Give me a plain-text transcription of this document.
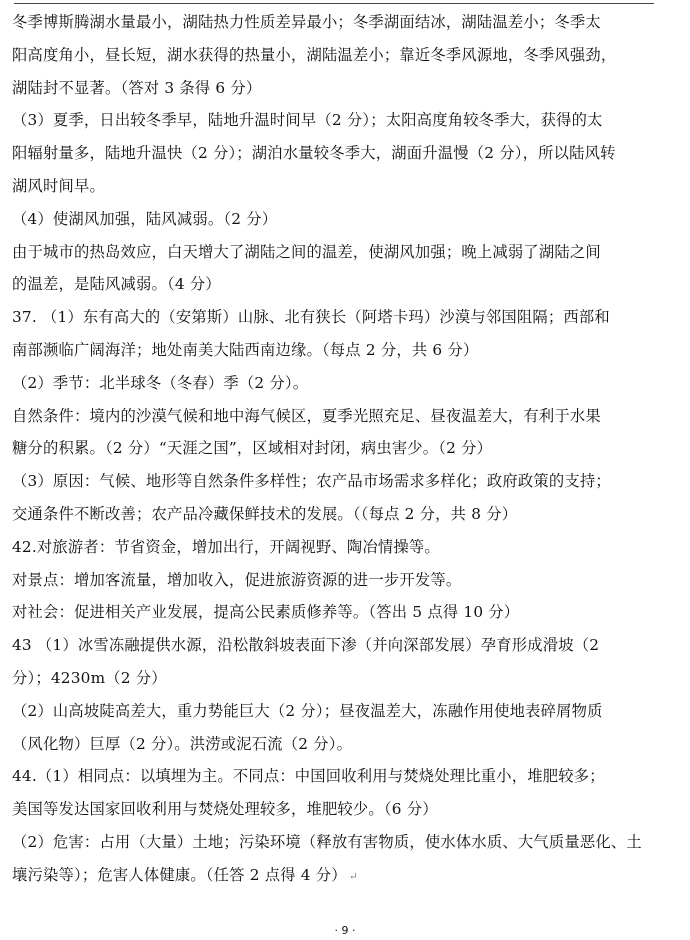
冬季博斯腾湖水量最小，湖陆热力性质差异最小；冬季湖面结冰，湖陆温差小；冬季太
阳高度角小，昼长短，湖水获得的热量小，湖陆温差小；靠近冬季风源地，冬季风强劲，
湖陆封不显著。（答对 3 条得 6 分）
（3）夏季，日出较冬季早，陆地升温时间早（2 分）；太阳高度角较冬季大，获得的太
阳辐射量多，陆地升温快（2 分）；湖泊水量较冬季大，湖面升温慢（2 分），所以陆风转
湖风时间早。
（4）使湖风加强，陆风减弱。（2 分）
由于城市的热岛效应，白天增大了湖陆之间的温差，使湖风加强；晚上减弱了湖陆之间
的温差，是陆风减弱。（4 分）
37. （1）东有高大的（安第斯）山脉、北有狭长（阿塔卡玛）沙漠与邻国阻隔；西部和
南部濒临广阔海洋；地处南美大陆西南边缘。（每点 2 分，共 6 分）
（2）季节：北半球冬（冬春）季（2 分）。
自然条件：境内的沙漠气候和地中海气候区，夏季光照充足、昼夜温差大，有利于水果
糖分的积累。（2 分）“天涯之国”，区域相对封闭，病虫害少。（2 分）
（3）原因：气候、地形等自然条件多样性；农产品市场需求多样化；政府政策的支持；
交通条件不断改善；农产品冷藏保鲜技术的发展。（（每点 2 分，共 8 分）
42.对旅游者：节省资金，增加出行，开阔视野、陶冶情操等。
对景点：增加客流量，增加收入，促进旅游资源的进一步开发等。
对社会：促进相关产业发展，提高公民素质修养等。（答出 5 点得 10 分）
43 （1）冰雪冻融提供水源，沿松散斜坡表面下渗（并向深部发展）孕育形成滑坡（2
分）；4230m（2 分）
（2）山高坡陡高差大，重力势能巨大（2 分）；昼夜温差大，冻融作用使地表碎屑物质
（风化物）巨厚（2 分）。洪涝或泥石流（2 分）。
44.（1）相同点：以填埋为主。不同点：中国回收利用与焚烧处理比重小，堆肥较多；
美国等发达国家回收利用与焚烧处理较多，堆肥较少。（6 分）
（2）危害：占用（大量）土地；污染环境（释放有害物质，使水体水质、大气质量恶化、土
壤污染等）；危害人体健康。（任答 2 点得 4 分） ↵
· 9 ·
